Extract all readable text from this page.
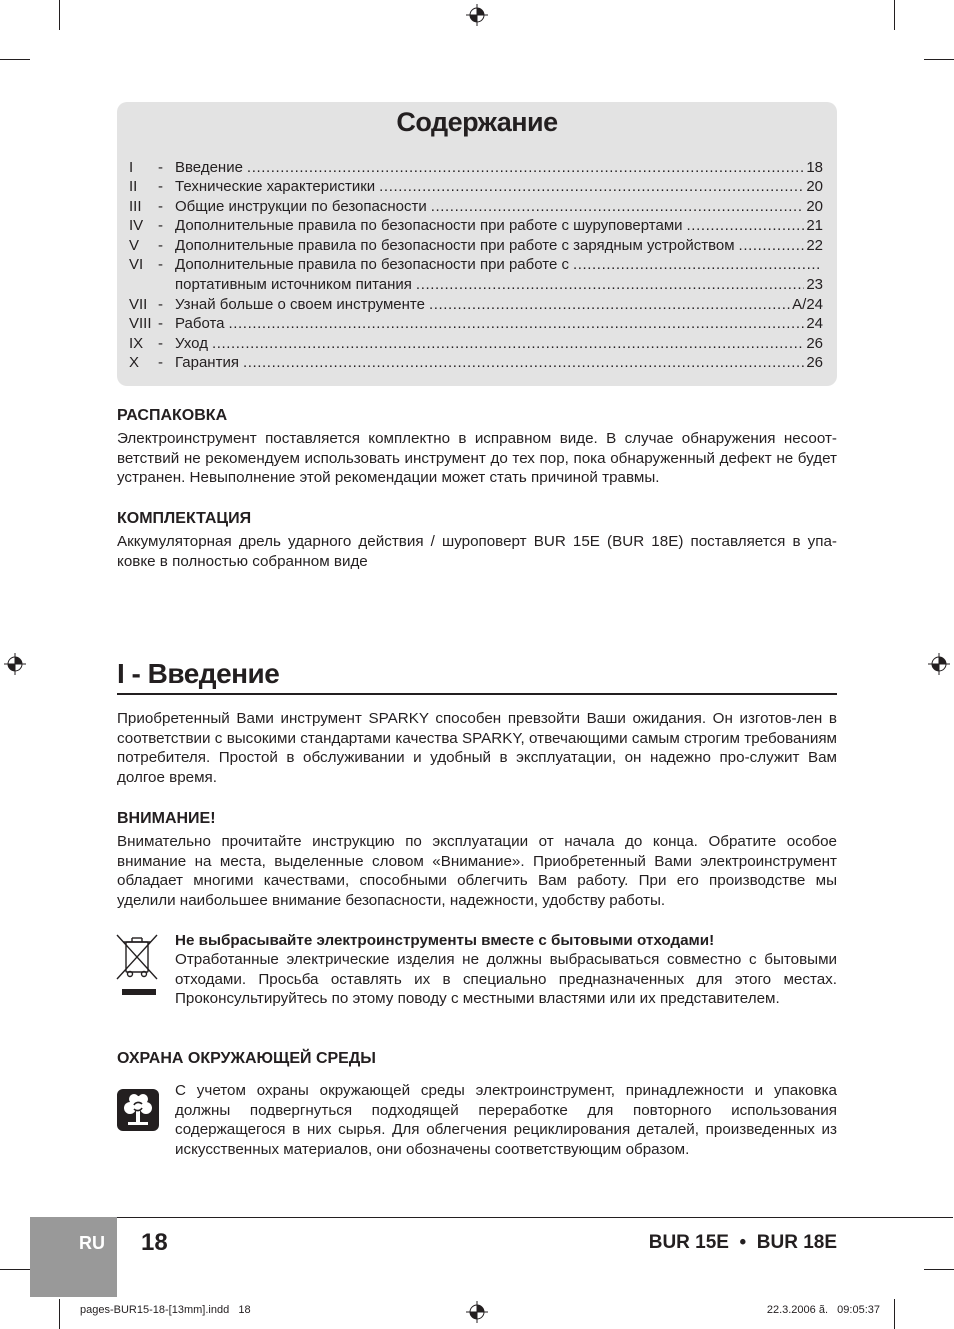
Содержание
I - Введение .....	18
II - Технические характеристики .....	20
III - Общие инструкции по безопасности .....	20
IV - Дополнительные правила по безопасности при работе с шуруповертами .....	21
V - Дополнительные правила по безопасности при работе с зарядным устройством .....	22
VI - Дополнительные правила по безопасности при работе с
.....
портативным источником питания .....	23
VII - Узнай больше о своем инструменте .....	A/24
VIII - Работа .....	24
IX - Уход .....	26
X - Гарантия .....	26
РАСПАКОВКА
Электроинструмент поставляется комплектно в исправном виде. В случае обнаружения несоот-ветствий не рекомендуем использовать инструмент до тех пор, пока обнаруженный дефект не будет устранен. Невыполнение этой рекомендации может стать причиной травмы.
КОМПЛЕКТАЦИЯ
Аккумуляторная дрель ударного действия / шуроповерт BUR 15E (BUR 18E) поставляется в упа-ковке в полностью собранном виде
I - Введение
Приобретенный Вами инструмент SPARKY способен превзойти Ваши ожидания. Он изготов-лен в соответствии с высокими стандартами качества SPARKY, отвечающими самым строгим требованиям потребителя. Простой в обслуживании и удобный в эксплуатации, он надежно про-служит Вам долгое время.
ВНИМАНИЕ!
Внимательно прочитайте инструкцию по эксплуатации от начала до конца. Обратите особое внимание на места, выделенные словом «Внимание». Приобретенный Вами электроинструмент обладает многими качествами, способными облегчить Вам работу. При его производстве мы уделили наибольшее внимание безопасности, надежности, удобству работы.
Не выбрасывайте электроинструменты вместе с бытовыми отходами!
Отработанные электрические изделия не должны выбрасываться совместно с бытовыми отходами. Просьба оставлять их в специально предназначенных для этого местах. Проконсультируйтесь по этому поводу с местными властями или их представителем.
ОХРАНА ОКРУЖАЮЩЕЙ СРЕДЫ
С учетом охраны окружающей среды электроинструмент, принадлежности и упаковка должны подвергнуться подходящей переработке для повторного использования содержащегося в них сырья. Для облегчения рециклирования деталей, произведенных из искусственных материалов, они обозначены соответствующим образом.
RU 18	BUR 15E  •  BUR 18E
pages-BUR15-18-[13mm].indd   18	22.3.2006 ã.   09:05:37
